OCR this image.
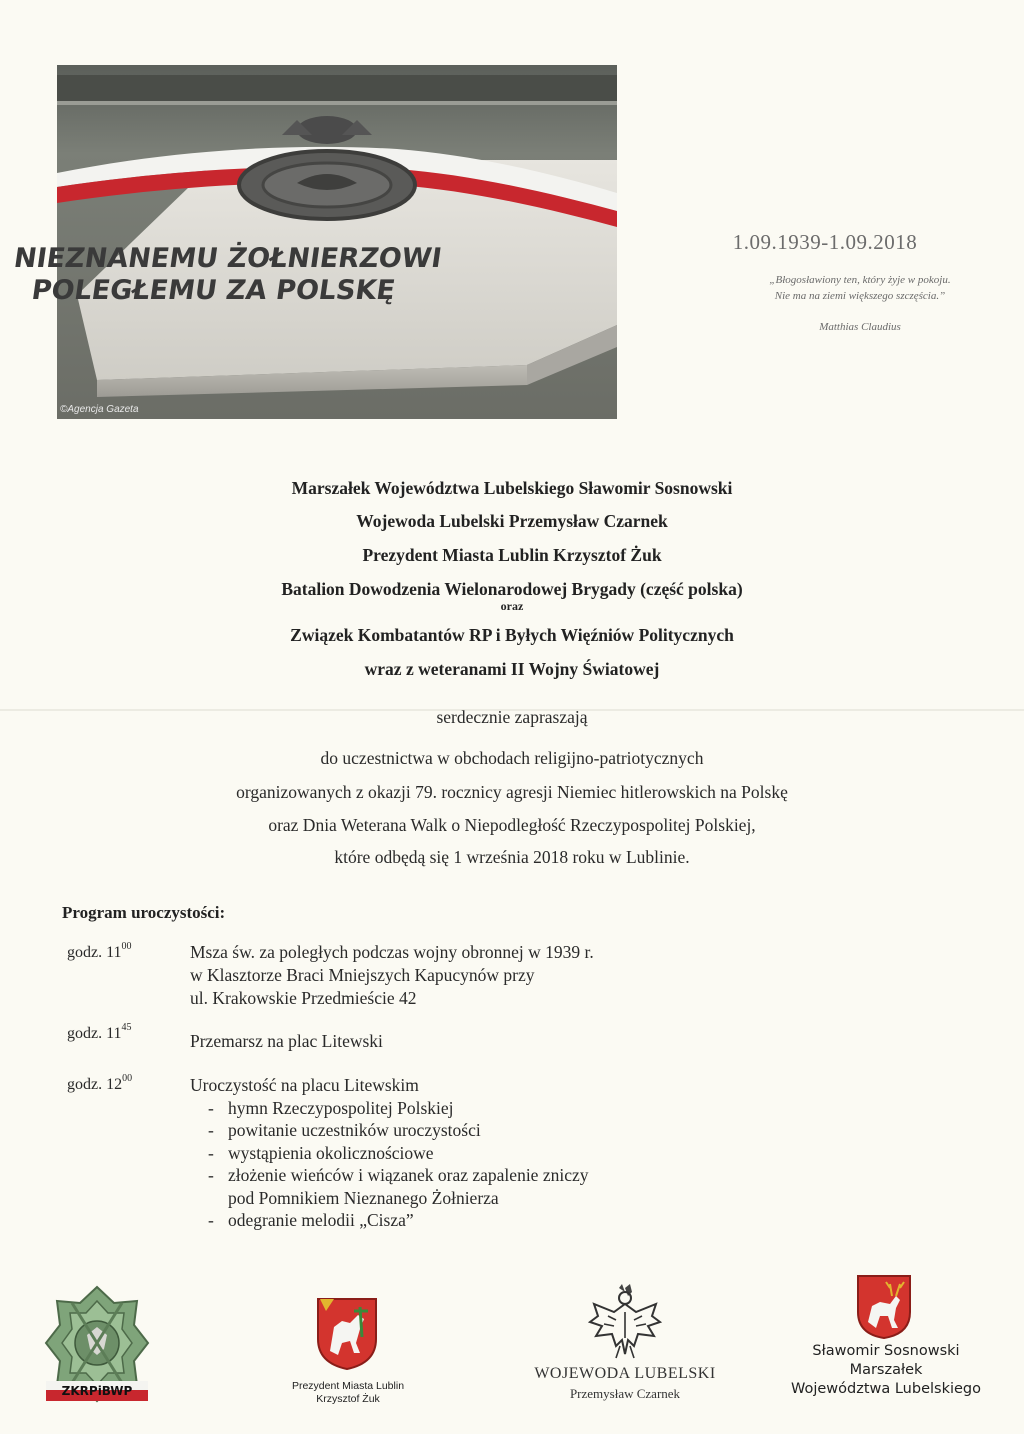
NIEZNANEMU ŻOŁNIERZOWI
POLEGŁEMU ZA POLSKĘ
©Agencja Gazeta
1.09.1939-1.09.2018
„Błogosławiony ten, który żyje w pokoju.
Nie ma na ziemi większego szczęścia.”
Matthias Claudius
Marszałek Województwa Lubelskiego Sławomir Sosnowski
Wojewoda Lubelski Przemysław Czarnek
Prezydent Miasta Lublin Krzysztof Żuk
Batalion Dowodzenia Wielonarodowej Brygady (część polska)
oraz
Związek Kombatantów RP i Byłych Więźniów Politycznych
wraz z weteranami II Wojny Światowej
serdecznie zapraszają
do uczestnictwa w obchodach religijno-patriotycznych
organizowanych z okazji 79. rocznicy agresji Niemiec hitlerowskich na Polskę
oraz Dnia Weterana Walk o Niepodległość Rzeczypospolitej Polskiej,
które odbędą się 1 września 2018 roku w Lublinie.
Program uroczystości:
godz. $11^{00}$	Msza św. za poległych podczas wojny obronnej w 1939 r.
w Klasztorze Braci Mniejszych Kapucynów przy
ul. Krakowskie Przedmieście 42
godz. $11^{45}$
Przemarsz na plac Litewski
godz. $12^{00}$	Uroczystość na placu Litewskim
- hymn Rzeczypospolitej Polskiej
- powitanie uczestników uroczystości
- wystąpienia okolicznościowe
- złożenie wieńców i wiązanek oraz zapalenie zniczy
pod Pomnikiem Nieznanego Żołnierza
- odegranie melodii „Cisza”
ZKRPiBWP	Prezydent Miasta Lublin
Krzysztof Żuk
WOJEWODA LUBELSKI
Przemysław Czarnek
Sławomir Sosnowski
Marszałek
Województwa Lubelskiego
